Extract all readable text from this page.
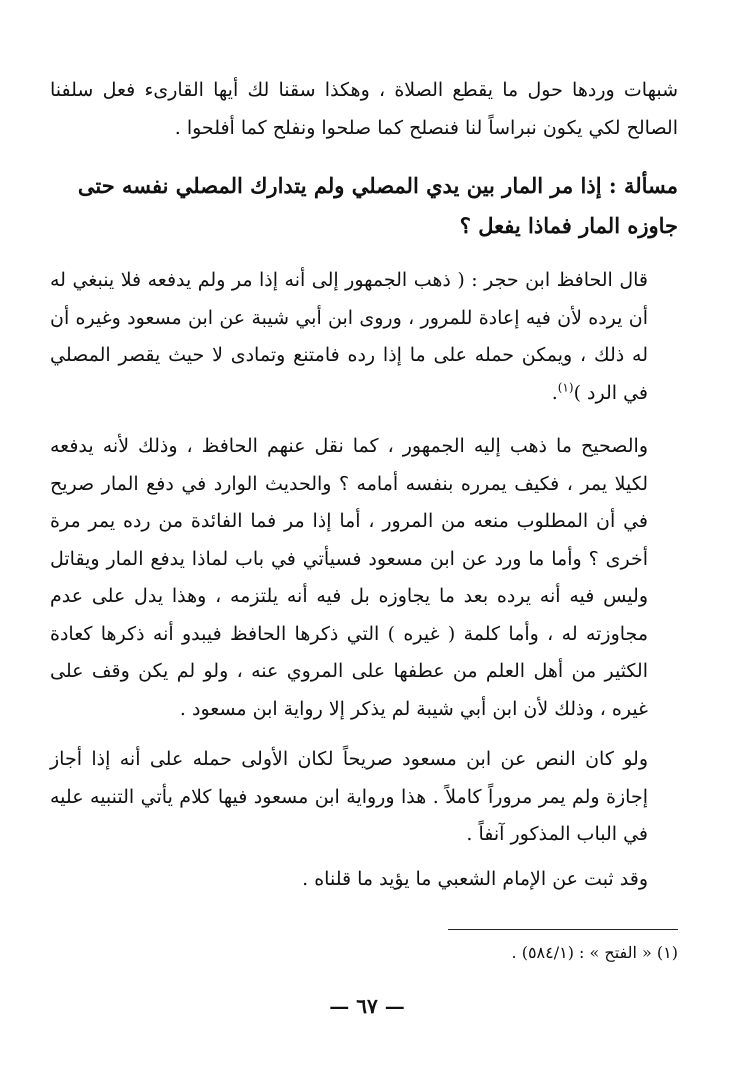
شبهات وردها حول ما يقطع الصلاة ، وهكذا سقنا لك أيها القارىء فعل سلفنا الصالح لكي يكون نبراساً لنا فنصلح كما صلحوا ونفلح كما أفلحوا .

مسألة : إذا مر المار بين يدي المصلي ولم يتدارك المصلي نفسه حتى جاوزه المار فماذا يفعل ؟

قال الحافظ ابن حجر : ( ذهب الجمهور إلى أنه إذا مر ولم يدفعه فلا ينبغي له أن يرده لأن فيه إعادة للمرور ، وروى ابن أبي شيبة عن ابن مسعود وغيره أن له ذلك ، ويمكن حمله على ما إذا رده فامتنع وتمادى لا حيث يقصر المصلي في الرد )$^{(١)}$.

والصحيح ما ذهب إليه الجمهور ، كما نقل عنهم الحافظ ، وذلك لأنه يدفعه لكيلا يمر ، فكيف يمرره بنفسه أمامه ؟ والحديث الوارد في دفع المار صريح في أن المطلوب منعه من المرور ، أما إذا مر فما الفائدة من رده يمر مرة أخرى ؟ وأما ما ورد عن ابن مسعود فسيأتي في باب لماذا يدفع المار ويقاتل وليس فيه أنه يرده بعد ما يجاوزه بل فيه أنه يلتزمه ، وهذا يدل على عدم مجاوزته له ، وأما كلمة ( غيره ) التي ذكرها الحافظ فيبدو أنه ذكرها كعادة الكثير من أهل العلم من عطفها على المروي عنه ، ولو لم يكن وقف على غيره ، وذلك لأن ابن أبي شيبة لم يذكر إلا رواية ابن مسعود .

ولو كان النص عن ابن مسعود صريحاً لكان الأولى حمله على أنه إذا أجاز إجازة ولم يمر مروراً كاملاً . هذا ورواية ابن مسعود فيها كلام يأتي التنبيه عليه في الباب المذكور آنفاً .

وقد ثبت عن الإمام الشعبي ما يؤيد ما قلناه .

(١) « الفتح » : (٥٨٤/١) .
— ٦٧ —
